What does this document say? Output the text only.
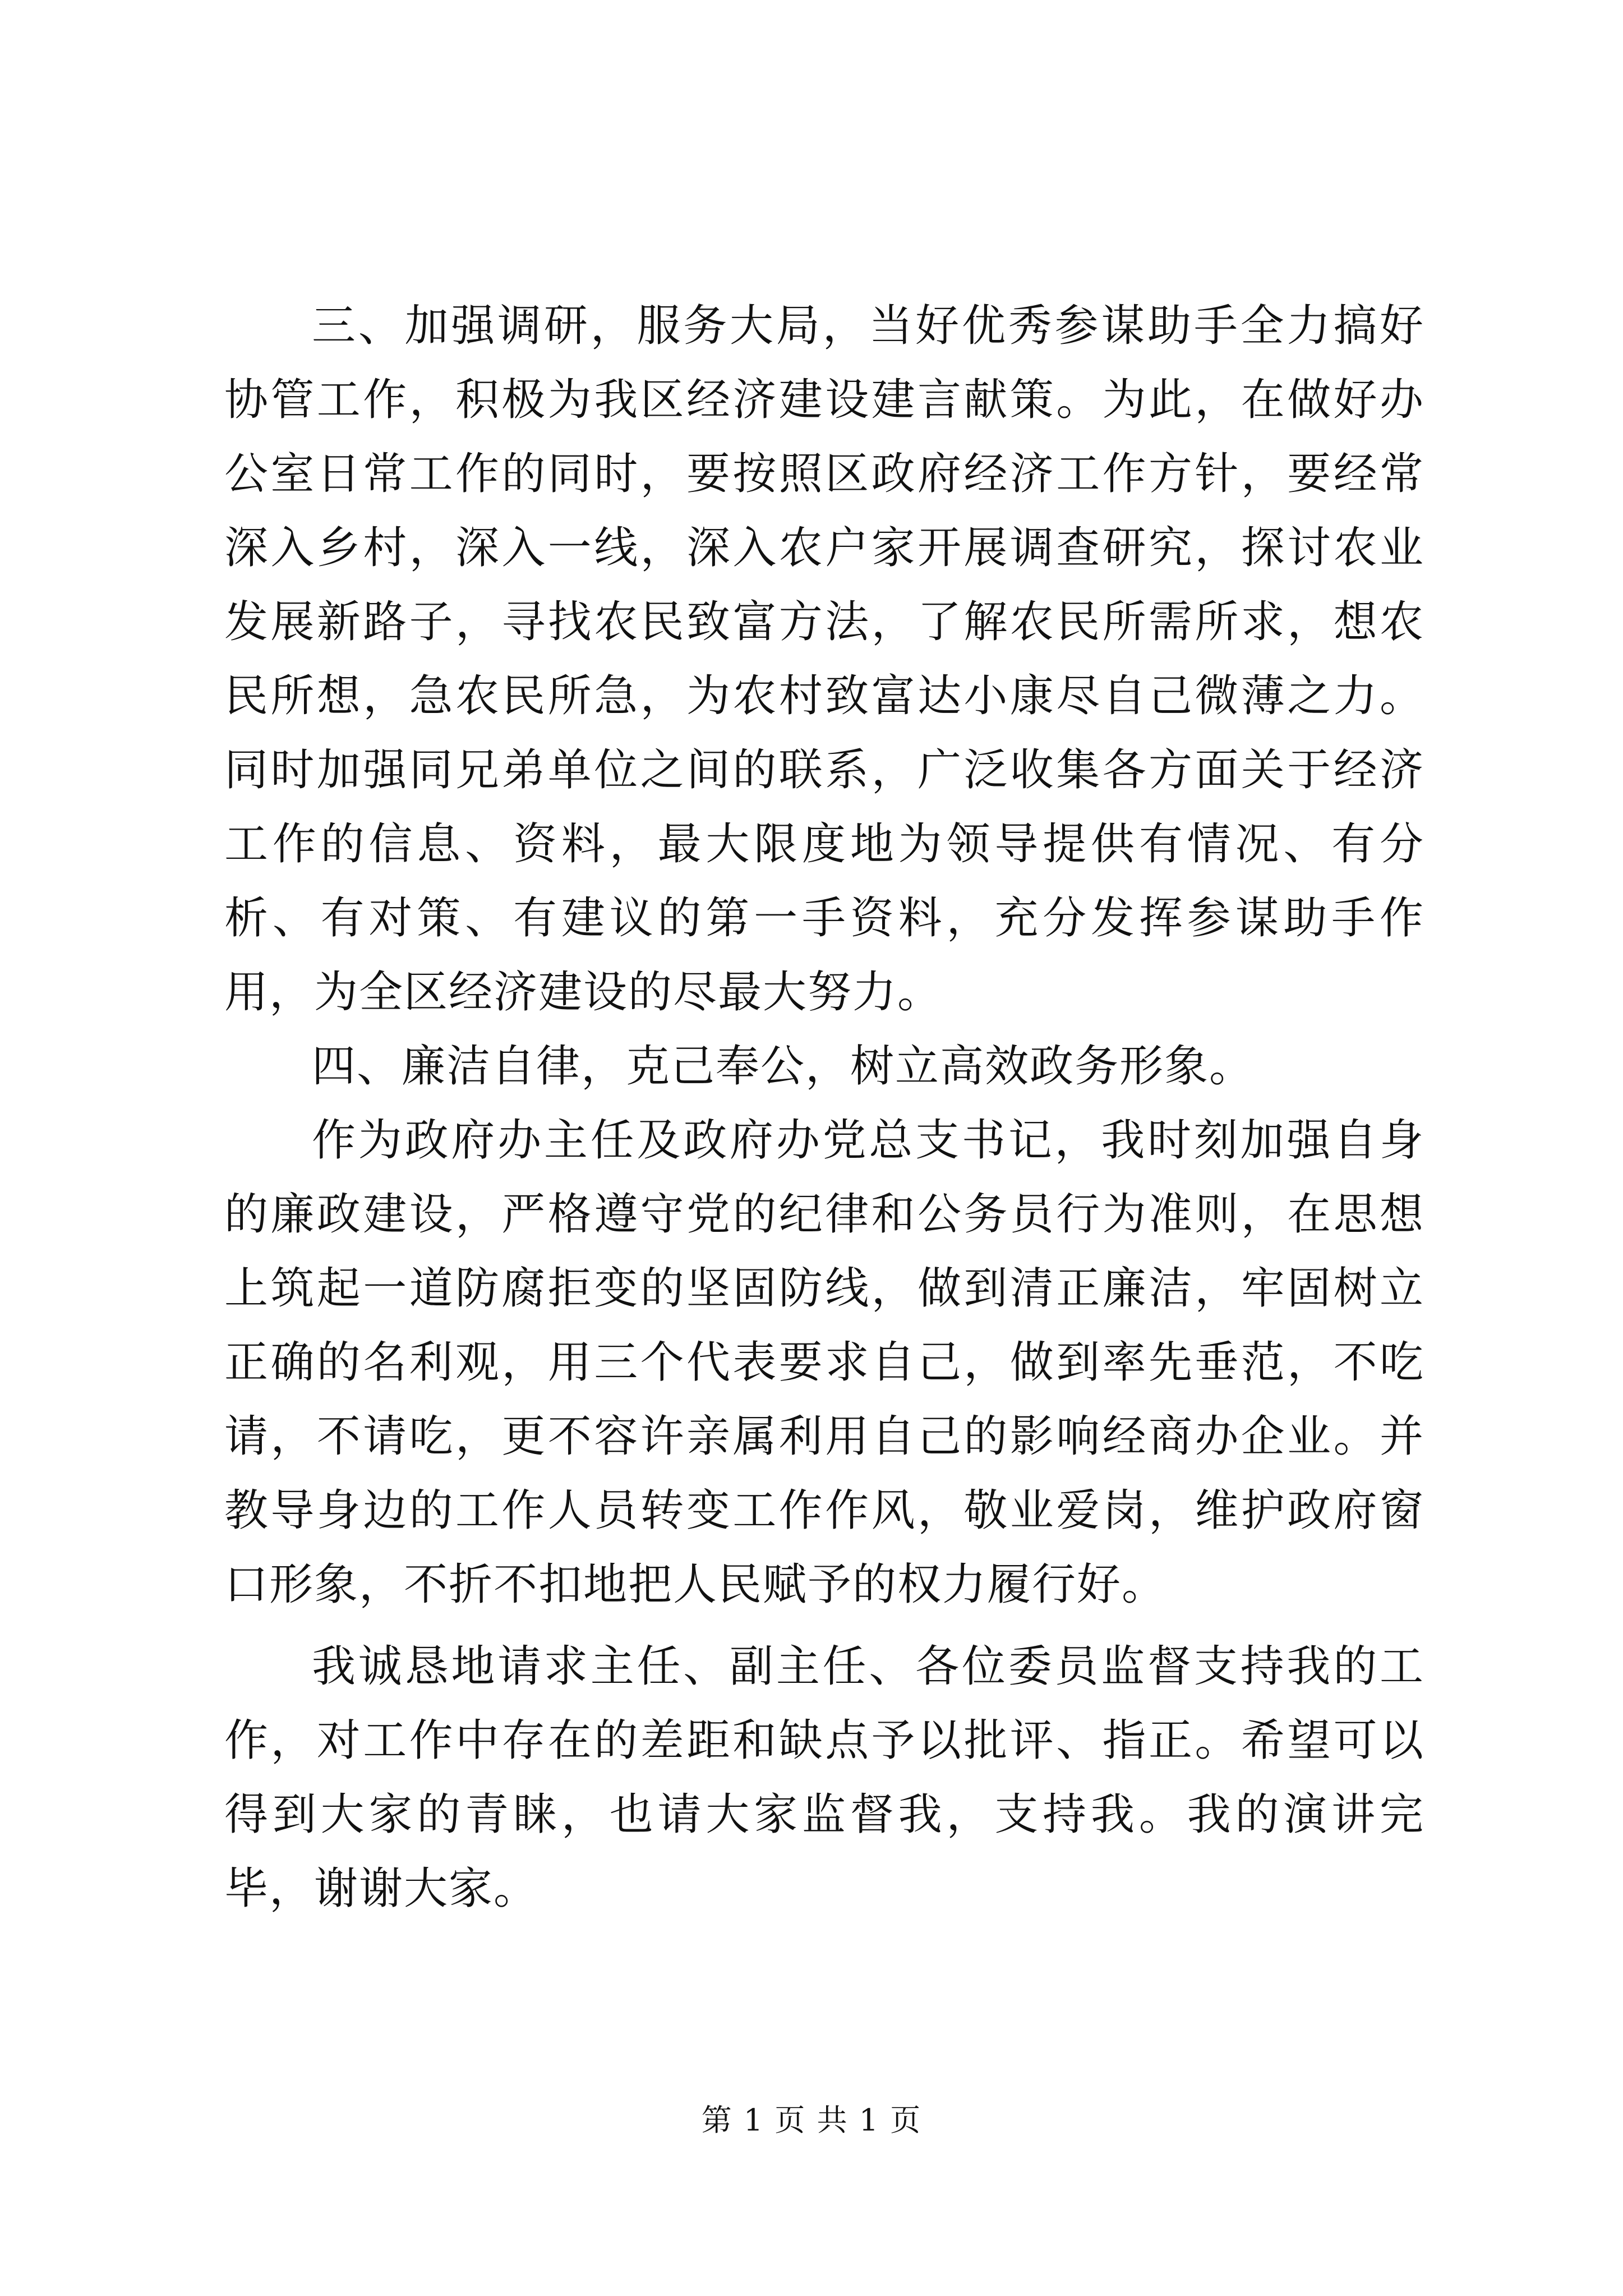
三、加强调研，服务大局，当好优秀参谋助手全力搞好协管工作，积极为我区经济建设建言献策。为此，在做好办公室日常工作的同时，要按照区政府经济工作方针，要经常深入乡村，深入一线，深入农户家开展调查研究，探讨农业发展新路子，寻找农民致富方法，了解农民所需所求，想农民所想，急农民所急，为农村致富达小康尽自己微薄之力。同时加强同兄弟单位之间的联系，广泛收集各方面关于经济工作的信息、资料，最大限度地为领导提供有情况、有分析、有对策、有建议的第一手资料，充分发挥参谋助手作用，为全区经济建设的尽最大努力。

四、廉洁自律，克己奉公，树立高效政务形象。

作为政府办主任及政府办党总支书记，我时刻加强自身的廉政建设，严格遵守党的纪律和公务员行为准则，在思想上筑起一道防腐拒变的坚固防线，做到清正廉洁，牢固树立正确的名利观，用三个代表要求自己，做到率先垂范，不吃请，不请吃，更不容许亲属利用自己的影响经商办企业。并教导身边的工作人员转变工作作风，敬业爱岗，维护政府窗口形象，不折不扣地把人民赋予的权力履行好。

我诚恳地请求主任、副主任、各位委员监督支持我的工作，对工作中存在的差距和缺点予以批评、指正。希望可以得到大家的青睐，也请大家监督我，支持我。我的演讲完毕，谢谢大家。

第 1 页 共 1 页
